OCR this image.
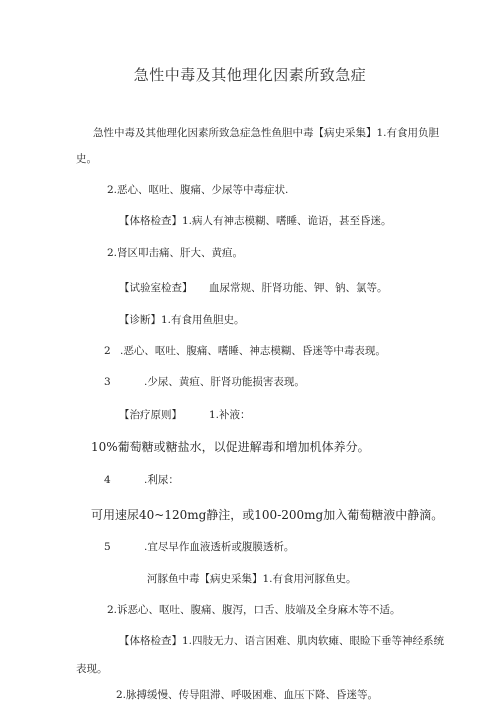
急性中毒及其他理化因素所致急症
急性中毒及其他理化因素所致急症急性鱼胆中毒【病史采集】1.有食用负胆
史。
2.恶心、呕吐、腹痛、少尿等中毒症状.
【体格检查】1.病人有神志模糊、嗜睡、诡语，甚至昏迷。
2.肾区叩击痛、肝大、黄疸。
【试验室检查】 血尿常规、肝肾功能、钾、钠、氯等。
【诊断】1.有食用鱼胆史。
2 .恶心、呕吐、腹痛、嗜睡、神志模糊、昏迷等中毒表现。
3	.少尿、黄疸、肝肾功能损害表现。
【治疗原则】	1.补液：
10%葡萄糖或糖盐水，以促进解毒和增加机体养分。
4	.利尿：
可用速尿40~120mg静注，或100-200mg加入葡萄糖液中静滴。
5	.宜尽早作血液透析或腹膜透析。
河豚鱼中毒【病史采集】1.有食用河豚鱼史。
2.诉恶心、呕吐、腹痛、腹泻，口舌、肢端及全身麻木等不适。
【体格检查】1.四肢无力、语言困难、肌肉软瘫、眼睑下垂等神经系统
表现。
2.脉搏缓慢、传导阻滞、呼吸困难、血压下降、昏迷等。
